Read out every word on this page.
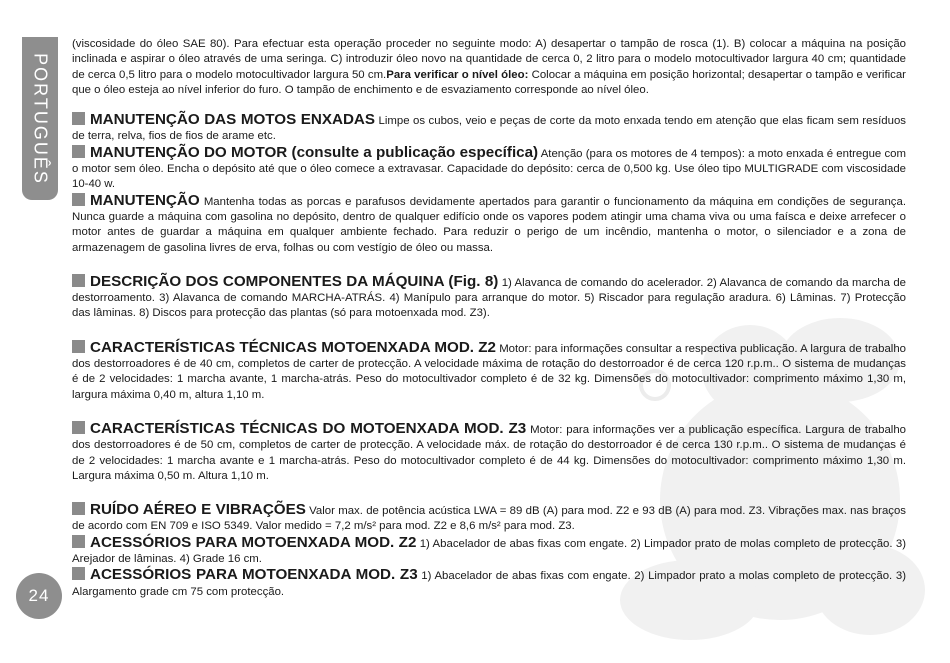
PORTUGUÊS
24

(viscosidade do óleo SAE 80). Para efectuar esta operação proceder no seguinte modo: A) desapertar o tampão de rosca (1). B) colocar a máquina na posição inclinada e aspirar o óleo através de uma seringa. C) introduzir óleo novo na quantidade de cerca 0, 2 litro para o modelo motocultivador largura 40 cm; quantidade de cerca 0,5 litro para o modelo motocultivador largura 50 cm.Para verificar o nível óleo: Colocar a máquina em posição horizontal; desapertar o tampão e verificar que o óleo esteja ao nível inferior do furo. O tampão de enchimento e de esvaziamento corresponde ao nível óleo.

MANUTENÇÃO DAS MOTOS ENXADAS Limpe os cubos, veio e peças de corte da moto enxada tendo em atenção que elas ficam sem resíduos de terra, relva, fios de fios de arame etc.

MANUTENÇÃO DO MOTOR (consulte a publicação específica) Atenção (para os motores de 4 tempos): a moto enxada é entregue com o motor sem óleo. Encha o depósito até que o óleo comece a extravasar. Capacidade do depósito: cerca de 0,500 kg. Use óleo tipo MULTIGRADE com viscosidade 10-40 w.

MANUTENÇÃO Mantenha todas as porcas e parafusos devidamente apertados para garantir o funcionamento da máquina em condições de segurança. Nunca guarde a máquina com gasolina no depósito, dentro de qualquer edifício onde os vapores podem atingir uma chama viva ou uma faísca e deixe arrefecer o motor antes de guardar a máquina em qualquer ambiente fechado. Para reduzir o perigo de um incêndio, mantenha o motor, o silenciador e a zona de armazenagem de gasolina livres de erva, folhas ou com vestígio de óleo ou massa.

DESCRIÇÃO DOS COMPONENTES DA MÁQUINA (Fig. 8) 1) Alavanca de comando do acelerador. 2) Alavanca de comando da marcha de destorroamento. 3) Alavanca de comando MARCHA-ATRÁS. 4) Manípulo para arranque do motor. 5) Riscador para regulação aradura. 6) Lâminas. 7) Protecção das lâminas. 8) Discos para protecção das plantas (só para motoenxada mod. Z3).

CARACTERÍSTICAS TÉCNICAS MOTOENXADA MOD. Z2 Motor: para informações consultar a respectiva publicação. A largura de trabalho dos destorroadores é de 40 cm, completos de carter de protecção. A velocidade máxima de rotação do destorroador é de cerca 120 r.p.m.. O sistema de mudanças é de 2 velocidades: 1 marcha avante, 1 marcha-atrás. Peso do motocultivador completo é de 32 kg. Dimensões do motocultivador: comprimento máximo 1,30 m, largura máxima 0,40 m, altura 1,10 m.

CARACTERÍSTICAS TÉCNICAS DO MOTOENXADA MOD. Z3 Motor: para informações ver a publicação específica. Largura de trabalho dos destorroadores é de 50 cm, completos de carter de protecção. A velocidade máx. de rotação do destorroador é de cerca 130 r.p.m.. O sistema de mudanças é de 2 velocidades: 1 marcha avante e 1 marcha-atrás. Peso do motocultivador completo é de 44 kg. Dimensões do motocultivador: comprimento máximo 1,30 m. Largura máxima 0,50 m. Altura 1,10 m.

RUÍDO AÉREO E VIBRAÇÕES Valor max. de potência acústica LWA = 89 dB (A) para mod. Z2 e 93 dB (A) para mod. Z3. Vibrações max. nas braços de acordo com EN 709 e ISO 5349. Valor medido = 7,2 m/s² para mod. Z2 e 8,6 m/s² para mod. Z3.

ACESSÓRIOS PARA MOTOENXADA MOD. Z2 1) Abacelador de abas fixas com engate. 2) Limpador prato de molas completo de protecção. 3) Arejador de lâminas. 4) Grade 16 cm.

ACESSÓRIOS PARA MOTOENXADA MOD. Z3 1) Abacelador de abas fixas com engate. 2) Limpador prato a molas completo de protecção. 3) Alargamento grade cm 75 com protecção.
